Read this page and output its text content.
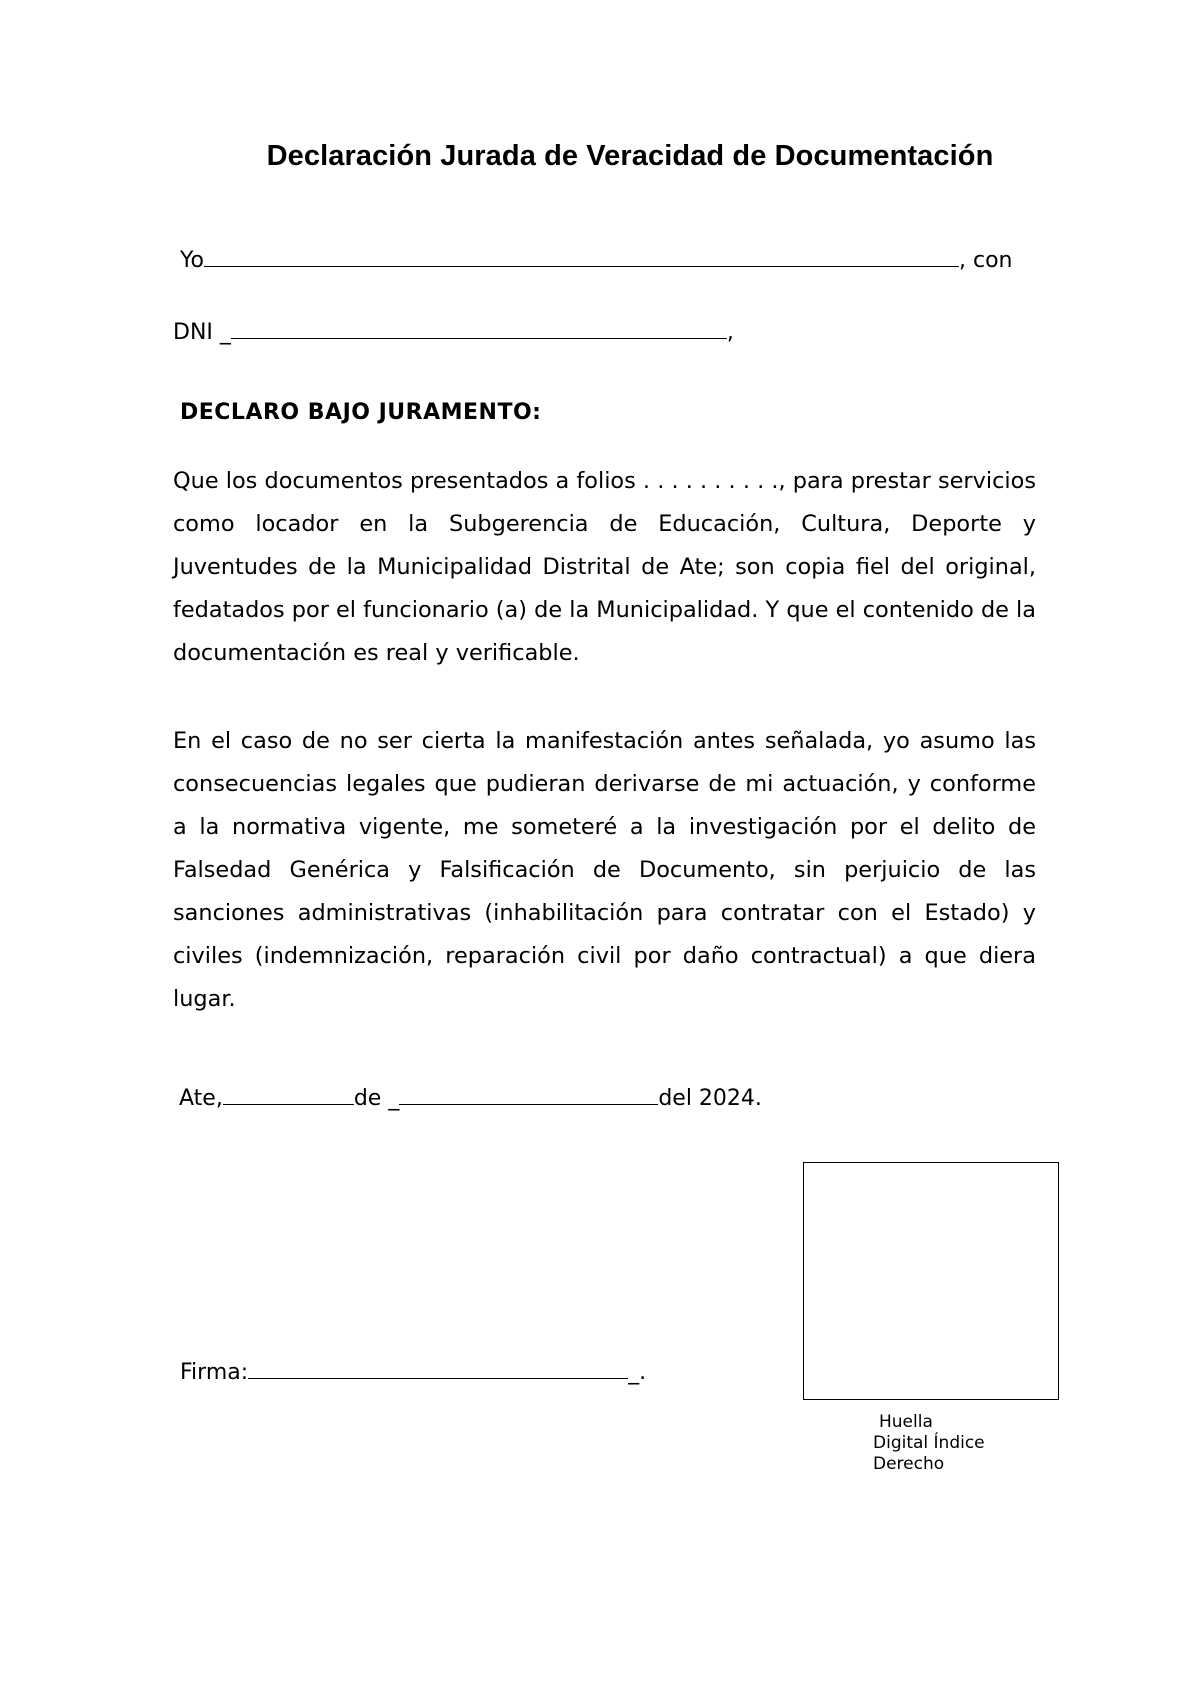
Declaración Jurada de Veracidad de Documentación
Yo	, con
DNI _	,
DECLARO BAJO JURAMENTO:

Que los documentos presentados a folios . . . . . . . . . ., para prestar servicios como locador en la Subgerencia de Educación, Cultura, Deporte y Juventudes de la Municipalidad Distrital de Ate; son copia fiel del original, fedatados por el funcionario (a) de la Municipalidad. Y que el contenido de la documentación es real y verificable.

En el caso de no ser cierta la manifestación antes señalada, yo asumo las consecuencias legales que pudieran derivarse de mi actuación, y conforme a la normativa vigente, me someteré a la investigación por el delito de Falsedad Genérica y Falsificación de Documento, sin perjuicio de las sanciones administrativas (inhabilitación para contratar con el Estado) y civiles (indemnización, reparación civil por daño contractual) a que diera lugar.

Ate,	de _	del 2024.
Firma:	_.
Huella
Digital Índice
Derecho
